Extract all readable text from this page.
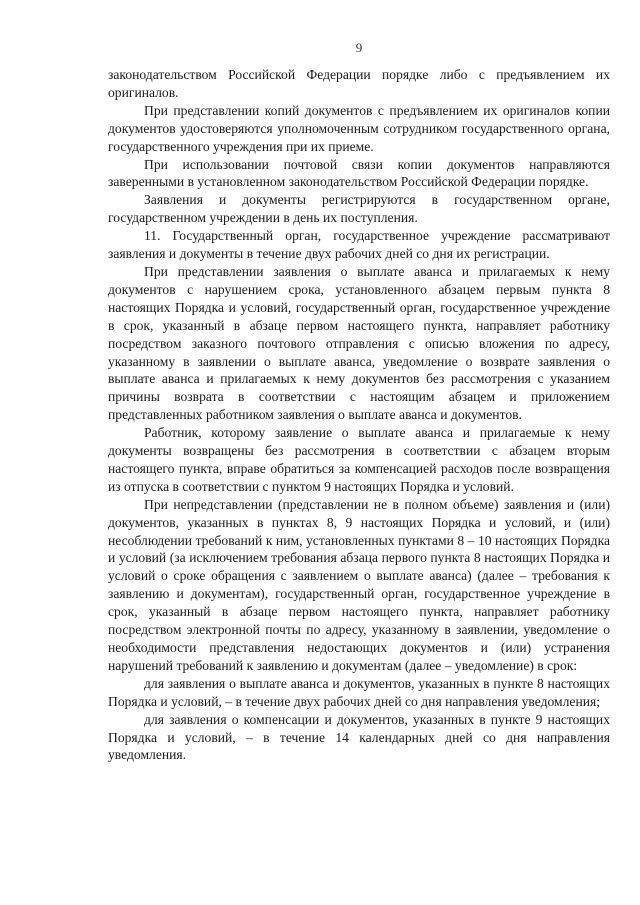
9

законодательством Российской Федерации порядке либо с предъявлением их оригиналов.

При представлении копий документов с предъявлением их оригиналов копии документов удостоверяются уполномоченным сотрудником государственного органа, государственного учреждения при их приеме.

При использовании почтовой связи копии документов направляются заверенными в установленном законодательством Российской Федерации порядке.

Заявления и документы регистрируются в государственном органе, государственном учреждении в день их поступления.

11. Государственный орган, государственное учреждение рассматривают заявления и документы в течение двух рабочих дней со дня их регистрации.

При представлении заявления о выплате аванса и прилагаемых к нему документов с нарушением срока, установленного абзацем первым пункта 8 настоящих Порядка и условий, государственный орган, государственное учреждение в срок, указанный в абзаце первом настоящего пункта, направляет работнику посредством заказного почтового отправления с описью вложения по адресу, указанному в заявлении о выплате аванса, уведомление о возврате заявления о выплате аванса и прилагаемых к нему документов без рассмотрения с указанием причины возврата в соответствии с настоящим абзацем и приложением представленных работником заявления о выплате аванса и документов.

Работник, которому заявление о выплате аванса и прилагаемые к нему документы возвращены без рассмотрения в соответствии с абзацем вторым настоящего пункта, вправе обратиться за компенсацией расходов после возвращения из отпуска в соответствии с пунктом 9 настоящих Порядка и условий.

При непредставлении (представлении не в полном объеме) заявления и (или) документов, указанных в пунктах 8, 9 настоящих Порядка и условий, и (или) несоблюдении требований к ним, установленных пунктами 8 – 10 настоящих Порядка и условий (за исключением требования абзаца первого пункта 8 настоящих Порядка и условий о сроке обращения с заявлением о выплате аванса) (далее – требования к заявлению и документам), государственный орган, государственное учреждение в срок, указанный в абзаце первом настоящего пункта, направляет работнику посредством электронной почты по адресу, указанному в заявлении, уведомление о необходимости представления недостающих документов и (или) устранения нарушений требований к заявлению и документам (далее – уведомление) в срок:

для заявления о выплате аванса и документов, указанных в пункте 8 настоящих Порядка и условий, – в течение двух рабочих дней со дня направления уведомления;

для заявления о компенсации и документов, указанных в пункте 9 настоящих Порядка и условий, – в течение 14 календарных дней со дня направления уведомления.
